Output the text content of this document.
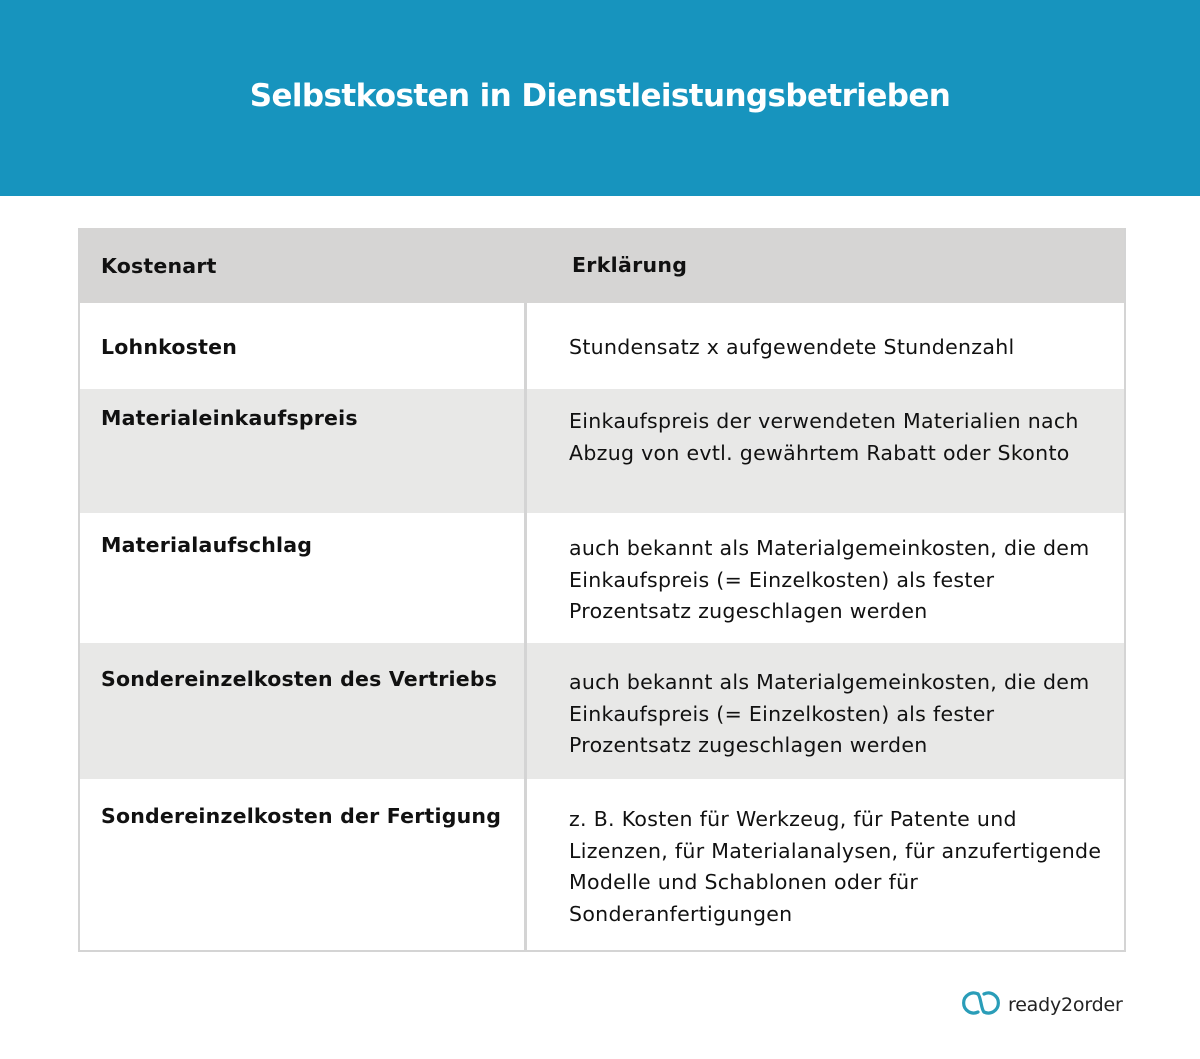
Selbstkosten in Dienstleistungsbetrieben
Kostenart	Erklärung
Lohnkosten	Stundensatz x aufgewendete Stundenzahl
Materialeinkaufspreis	Einkaufspreis der verwendeten Materialien nach Abzug von evtl. gewährtem Rabatt oder Skonto
Materialaufschlag	auch bekannt als Materialgemeinkosten, die dem Einkaufspreis (= Einzelkosten) als fester Prozentsatz zugeschlagen werden
Sondereinzelkosten des Vertriebs	auch bekannt als Materialgemeinkosten, die dem Einkaufspreis (= Einzelkosten) als fester Prozentsatz zugeschlagen werden
Sondereinzelkosten der Fertigung	z. B. Kosten für Werkzeug, für Patente und Lizenzen, für Materialanalysen, für anzufertigende Modelle und Schablonen oder für Sonderanfertigungen
ready2order
